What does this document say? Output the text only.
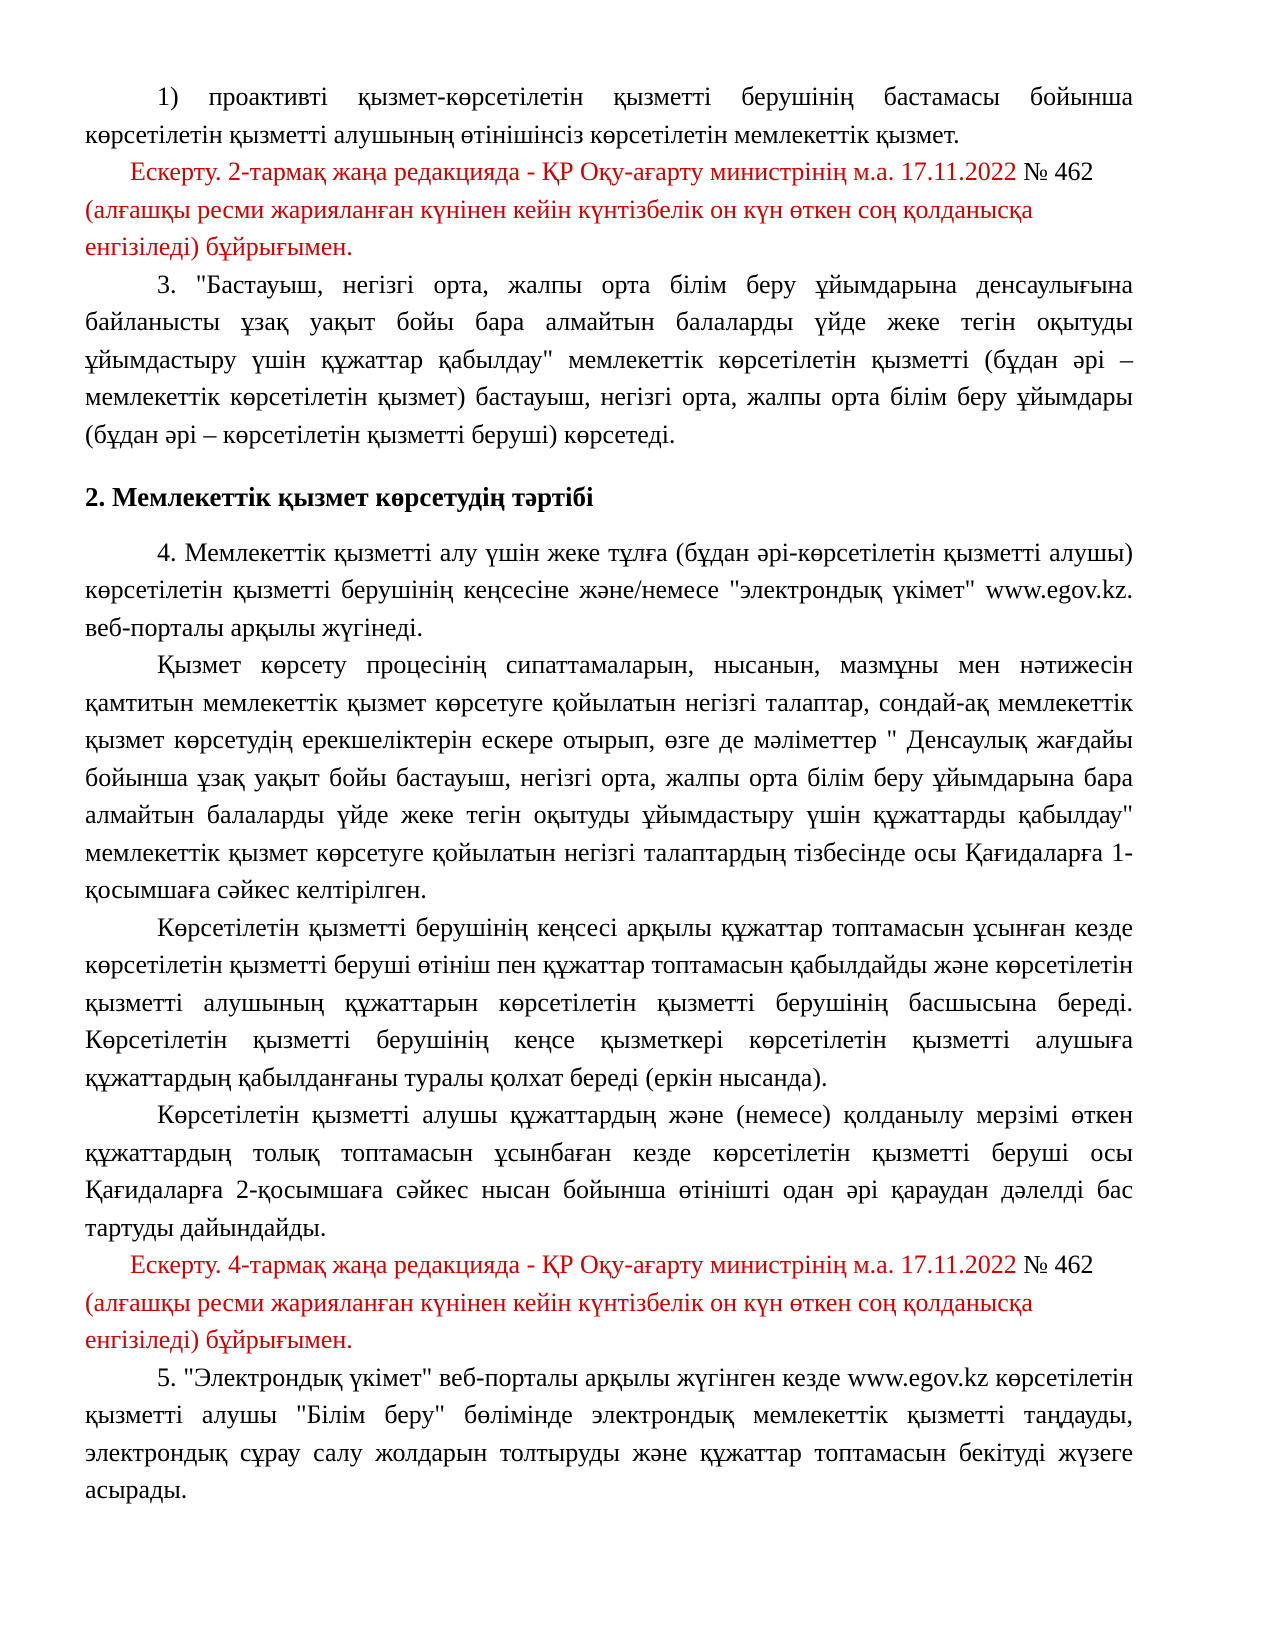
1) проактивті қызмет-көрсетілетін қызметті берушінің бастамасы бойынша көрсетілетін қызметті алушының өтінішінсіз көрсетілетін мемлекеттік қызмет.

Ескерту. 2-тармақ жаңа редакцияда - ҚР Оқу-ағарту министрінің м.а. 17.11.2022 № 462 (алғашқы ресми жарияланған күнінен кейін күнтізбелік он күн өткен соң қолданысқа енгізіледі) бұйрығымен.

3. "Бастауыш, негізгі орта, жалпы орта білім беру ұйымдарына денсаулығына байланысты ұзақ уақыт бойы бара алмайтын балаларды үйде жеке тегін оқытуды ұйымдастыру үшін құжаттар қабылдау" мемлекеттік көрсетілетін қызметті (бұдан әрі – мемлекеттік көрсетілетін қызмет) бастауыш, негізгі орта, жалпы орта білім беру ұйымдары (бұдан әрі – көрсетілетін қызметті беруші) көрсетеді.

2. Мемлекеттік қызмет көрсетудің тәртібі

4. Мемлекеттік қызметті алу үшін жеке тұлға (бұдан әрі-көрсетілетін қызметті алушы) көрсетілетін қызметті берушінің кеңсесіне және/немесе "электрондық үкімет" www.egov.kz. веб-порталы арқылы жүгінеді.

Қызмет көрсету процесінің сипаттамаларын, нысанын, мазмұны мен нәтижесін қамтитын мемлекеттік қызмет көрсетуге қойылатын негізгі талаптар, сондай-ақ мемлекеттік қызмет көрсетудің ерекшеліктерін ескере отырып, өзге де мәліметтер " Денсаулық жағдайы бойынша ұзақ уақыт бойы бастауыш, негізгі орта, жалпы орта білім беру ұйымдарына бара алмайтын балаларды үйде жеке тегін оқытуды ұйымдастыру үшін құжаттарды қабылдау" мемлекеттік қызмет көрсетуге қойылатын негізгі талаптардың тізбесінде осы Қағидаларға 1-қосымшаға сәйкес келтірілген.

Көрсетілетін қызметті берушінің кеңсесі арқылы құжаттар топтамасын ұсынған кезде көрсетілетін қызметті беруші өтініш пен құжаттар топтамасын қабылдайды және көрсетілетін қызметті алушының құжаттарын көрсетілетін қызметті берушінің басшысына береді. Көрсетілетін қызметті берушінің кеңсе қызметкері көрсетілетін қызметті алушыға құжаттардың қабылданғаны туралы қолхат береді (еркін нысанда).

Көрсетілетін қызметті алушы құжаттардың және (немесе) қолданылу мерзімі өткен құжаттардың толық топтамасын ұсынбаған кезде көрсетілетін қызметті беруші осы Қағидаларға 2-қосымшаға сәйкес нысан бойынша өтінішті одан әрі қараудан дәлелді бас тартуды дайындайды.

Ескерту. 4-тармақ жаңа редакцияда - ҚР Оқу-ағарту министрінің м.а. 17.11.2022 № 462 (алғашқы ресми жарияланған күнінен кейін күнтізбелік он күн өткен соң қолданысқа енгізіледі) бұйрығымен.

5. "Электрондық үкімет" веб-порталы арқылы жүгінген кезде www.egov.kz көрсетілетін қызметті алушы "Білім беру" бөлімінде электрондық мемлекеттік қызметті таңдауды, электрондық сұрау салу жолдарын толтыруды және құжаттар топтамасын бекітуді жүзеге асырады.
